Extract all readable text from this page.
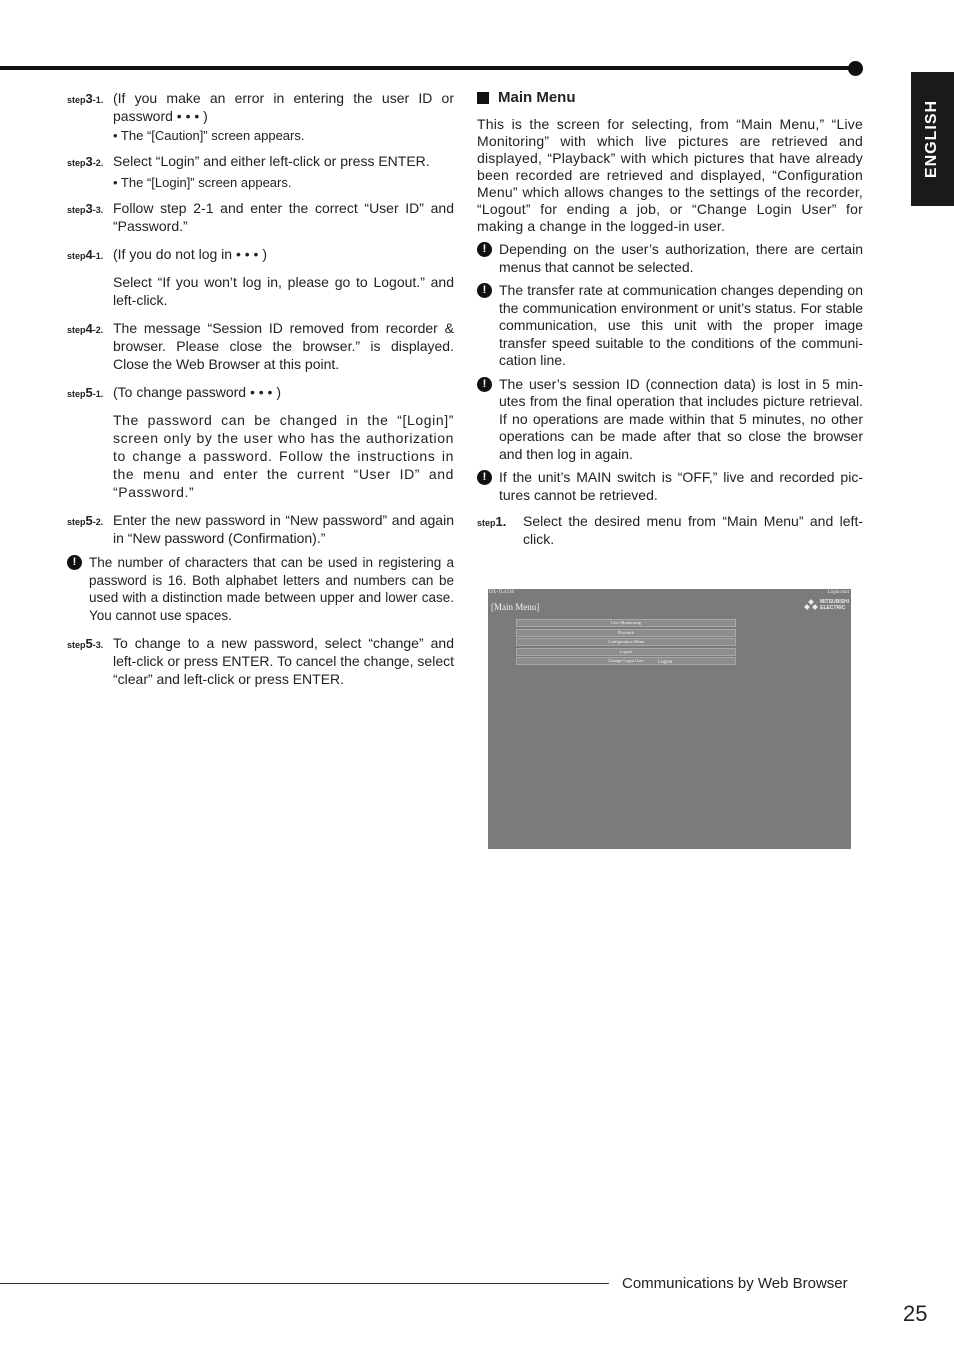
ENGLISH
step3-1. (If you make an error in entering the user ID or password • • • )
• The “[Caution]” screen appears.
step3-2. Select “Login” and either left-click or press ENTER.
• The “[Login]” screen appears.
step3-3. Follow step 2-1 and enter the correct “User ID” and “Password.”
step4-1. (If you do not log in • • • )
Select “If you won’t log in, please go to Logout.” and left-click.
step4-2. The message “Session ID removed from recorder & browser. Please close the browser.” is displayed. Close the Web Browser at this point.
step5-1. (To change password • • • )
The password can be changed in the “[Login]” screen only by the user who has the authorization to change a password. Follow the instructions in the menu and enter the current “User ID” and “Password.”
step5-2. Enter the new password in “New password” and again in “New password (Confirmation).”
! The number of characters that can be used in registering a password is 16. Both alphabet letters and numbers can be used with a distinction made between upper and lower case. You cannot use spaces.
step5-3. To change to a new password, select “change” and left-click or press ENTER. To cancel the change, select “clear” and left-click or press ENTER.
Main Menu
This is the screen for selecting, from “Main Menu,” “Live Monitoring” with which live pictures are retrieved and displayed, “Playback” with which pictures that have already been recorded are retrieved and displayed, “Configuration Menu” which allows changes to the settings of the recorder, “Logout” for ending a job, or “Change Login User” for making a change in the logged-in user.
! Depending on the user’s authorization, there are certain menus that cannot be selected.
! The transfer rate at communication changes depending on the communication environment or unit’s status. For stable communication, use this unit with the proper image transfer speed suitable to the conditions of the communi- cation line.
! The user’s session ID (connection data) is lost in 5 min- utes from the final operation that includes picture retrieval. If no operations are made within that 5 minutes, no other operations can be made after that so close the browser and then log in again.
! If the unit’s MAIN switch is “OFF,” live and recorded pic- tures cannot be retrieved.
step1.	Select the desired menu from “Main Menu” and left-click.
DX-TL4516	Login:root
[Main Menu]	MITSUBISHI
ELECTRIC
Live Monitoring
Playback
Configuration Menu
Logout
Change Login User	Logout
Communications by Web Browser
25
